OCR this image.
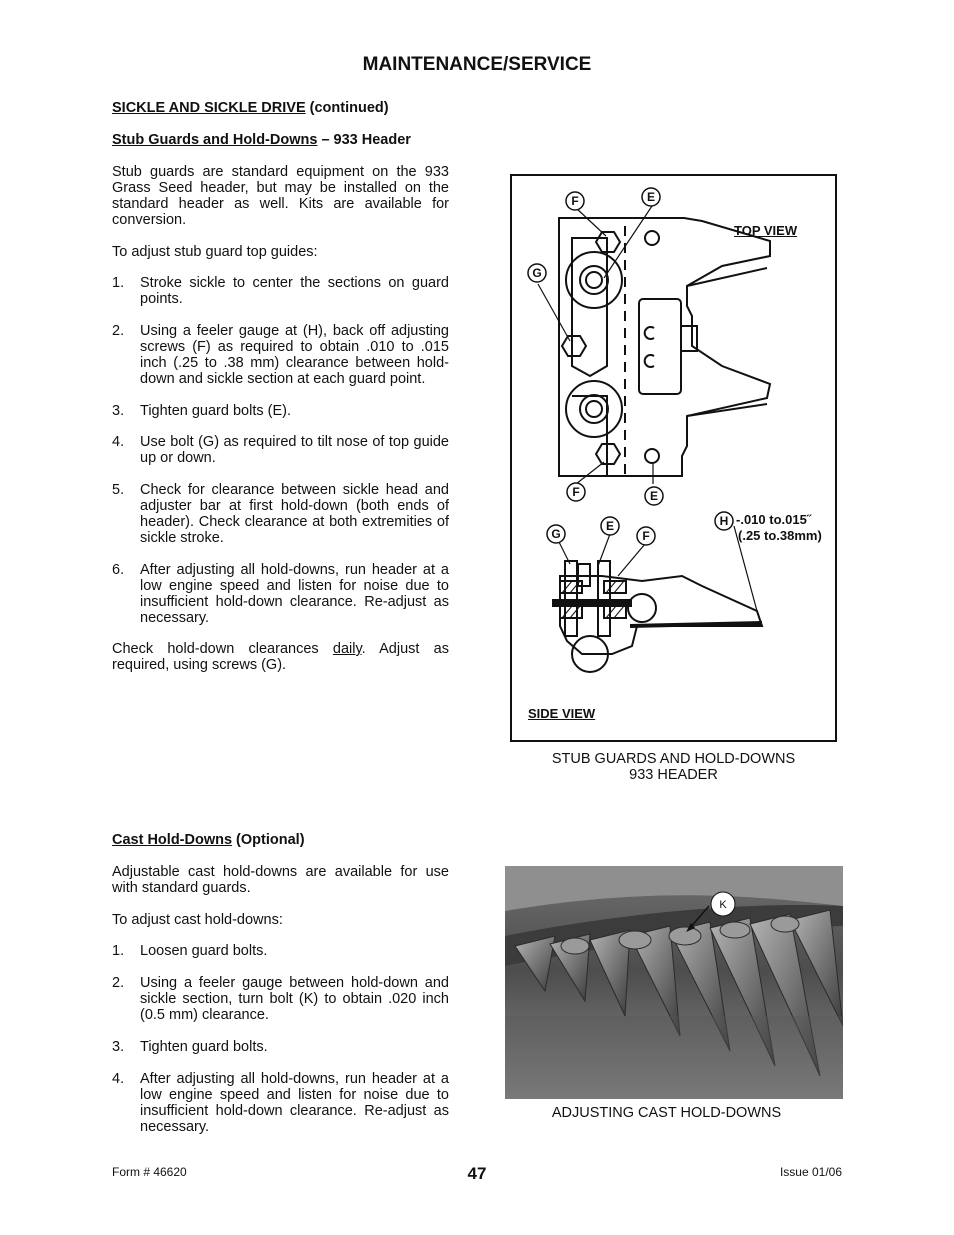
MAINTENANCE/SERVICE
SICKLE AND SICKLE DRIVE (continued)
Stub Guards and Hold-Downs – 933 Header
Stub guards are standard equipment on the 933 Grass Seed header, but may be installed on the standard header as well. Kits are available for conversion.
To adjust stub guard top guides:
1. Stroke sickle to center the sections on guard points.
2. Using a feeler gauge at (H), back off adjusting screws (F) as required to obtain .010 to .015 inch (.25 to .38 mm) clearance between hold-down and sickle section at each guard point.
3. Tighten guard bolts (E).
4. Use bolt (G) as required to tilt nose of top guide up or down.
5. Check for clearance between sickle head and adjuster bar at first hold-down (both ends of header). Check clearance at both extremities of sickle stroke.
6. After adjusting all hold-downs, run header at a low engine speed and listen for noise due to insufficient hold-down clearance. Re-adjust as necessary.
Check hold-down clearances daily. Adjust as required, using screws (G).
F	E
G
F	E
G
E
F
H
TOP VIEW
SIDE VIEW
-.010 to.015˝
(.25 to.38mm)
STUB GUARDS AND HOLD-DOWNS
933 HEADER
Cast Hold-Downs (Optional)
Adjustable cast hold-downs are available for use with standard guards.
To adjust cast hold-downs:
1. Loosen guard bolts.
2. Using a feeler gauge between hold-down and sickle section, turn bolt (K) to obtain .020 inch (0.5 mm) clearance.
3. Tighten guard bolts.
4. After adjusting all hold-downs, run header at a low engine speed and listen for noise due to insufficient hold-down clearance. Re-adjust as necessary.
K
ADJUSTING CAST HOLD-DOWNS
Form # 46620	47	Issue 01/06
